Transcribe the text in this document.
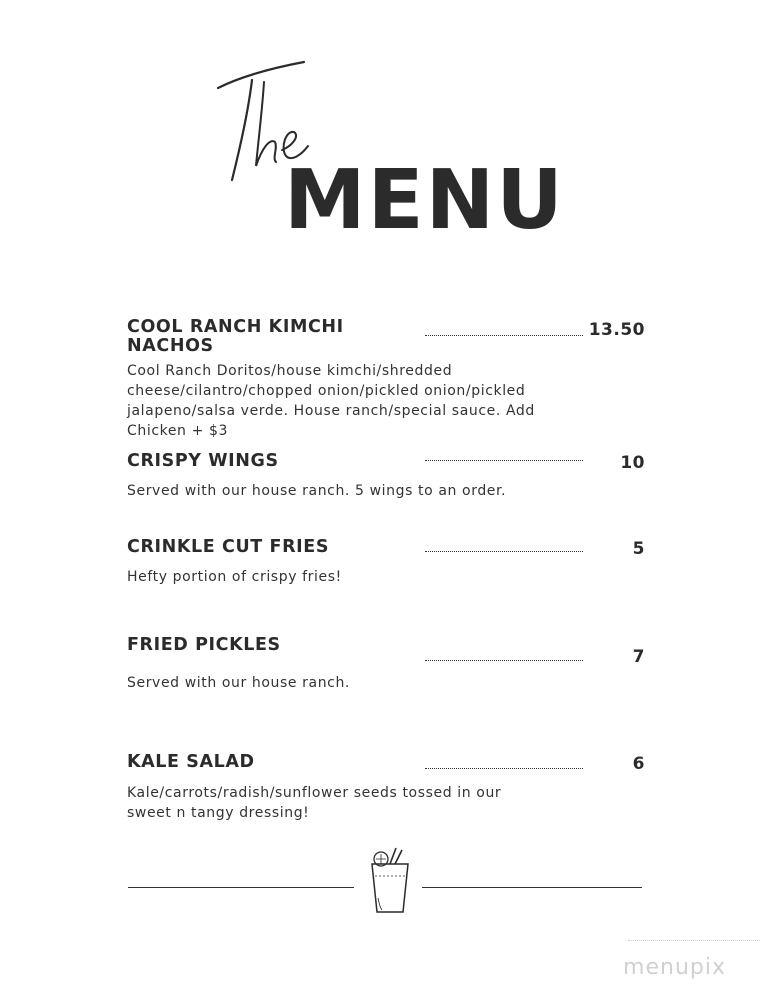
MENU
COOL RANCH KIMCHI NACHOS
13.50
Cool Ranch Doritos/house kimchi/shredded cheese/cilantro/chopped onion/pickled onion/pickled jalapeno/salsa verde. House ranch/special sauce. Add Chicken + $3
CRISPY WINGS	10
Served with our house ranch. 5 wings to an order.
CRINKLE CUT FRIES	5
Hefty portion of crispy fries!
FRIED PICKLES
7
Served with our house ranch.
KALE SALAD	6
Kale/carrots/radish/sunflower seeds tossed in our sweet n tangy dressing!
menupix
